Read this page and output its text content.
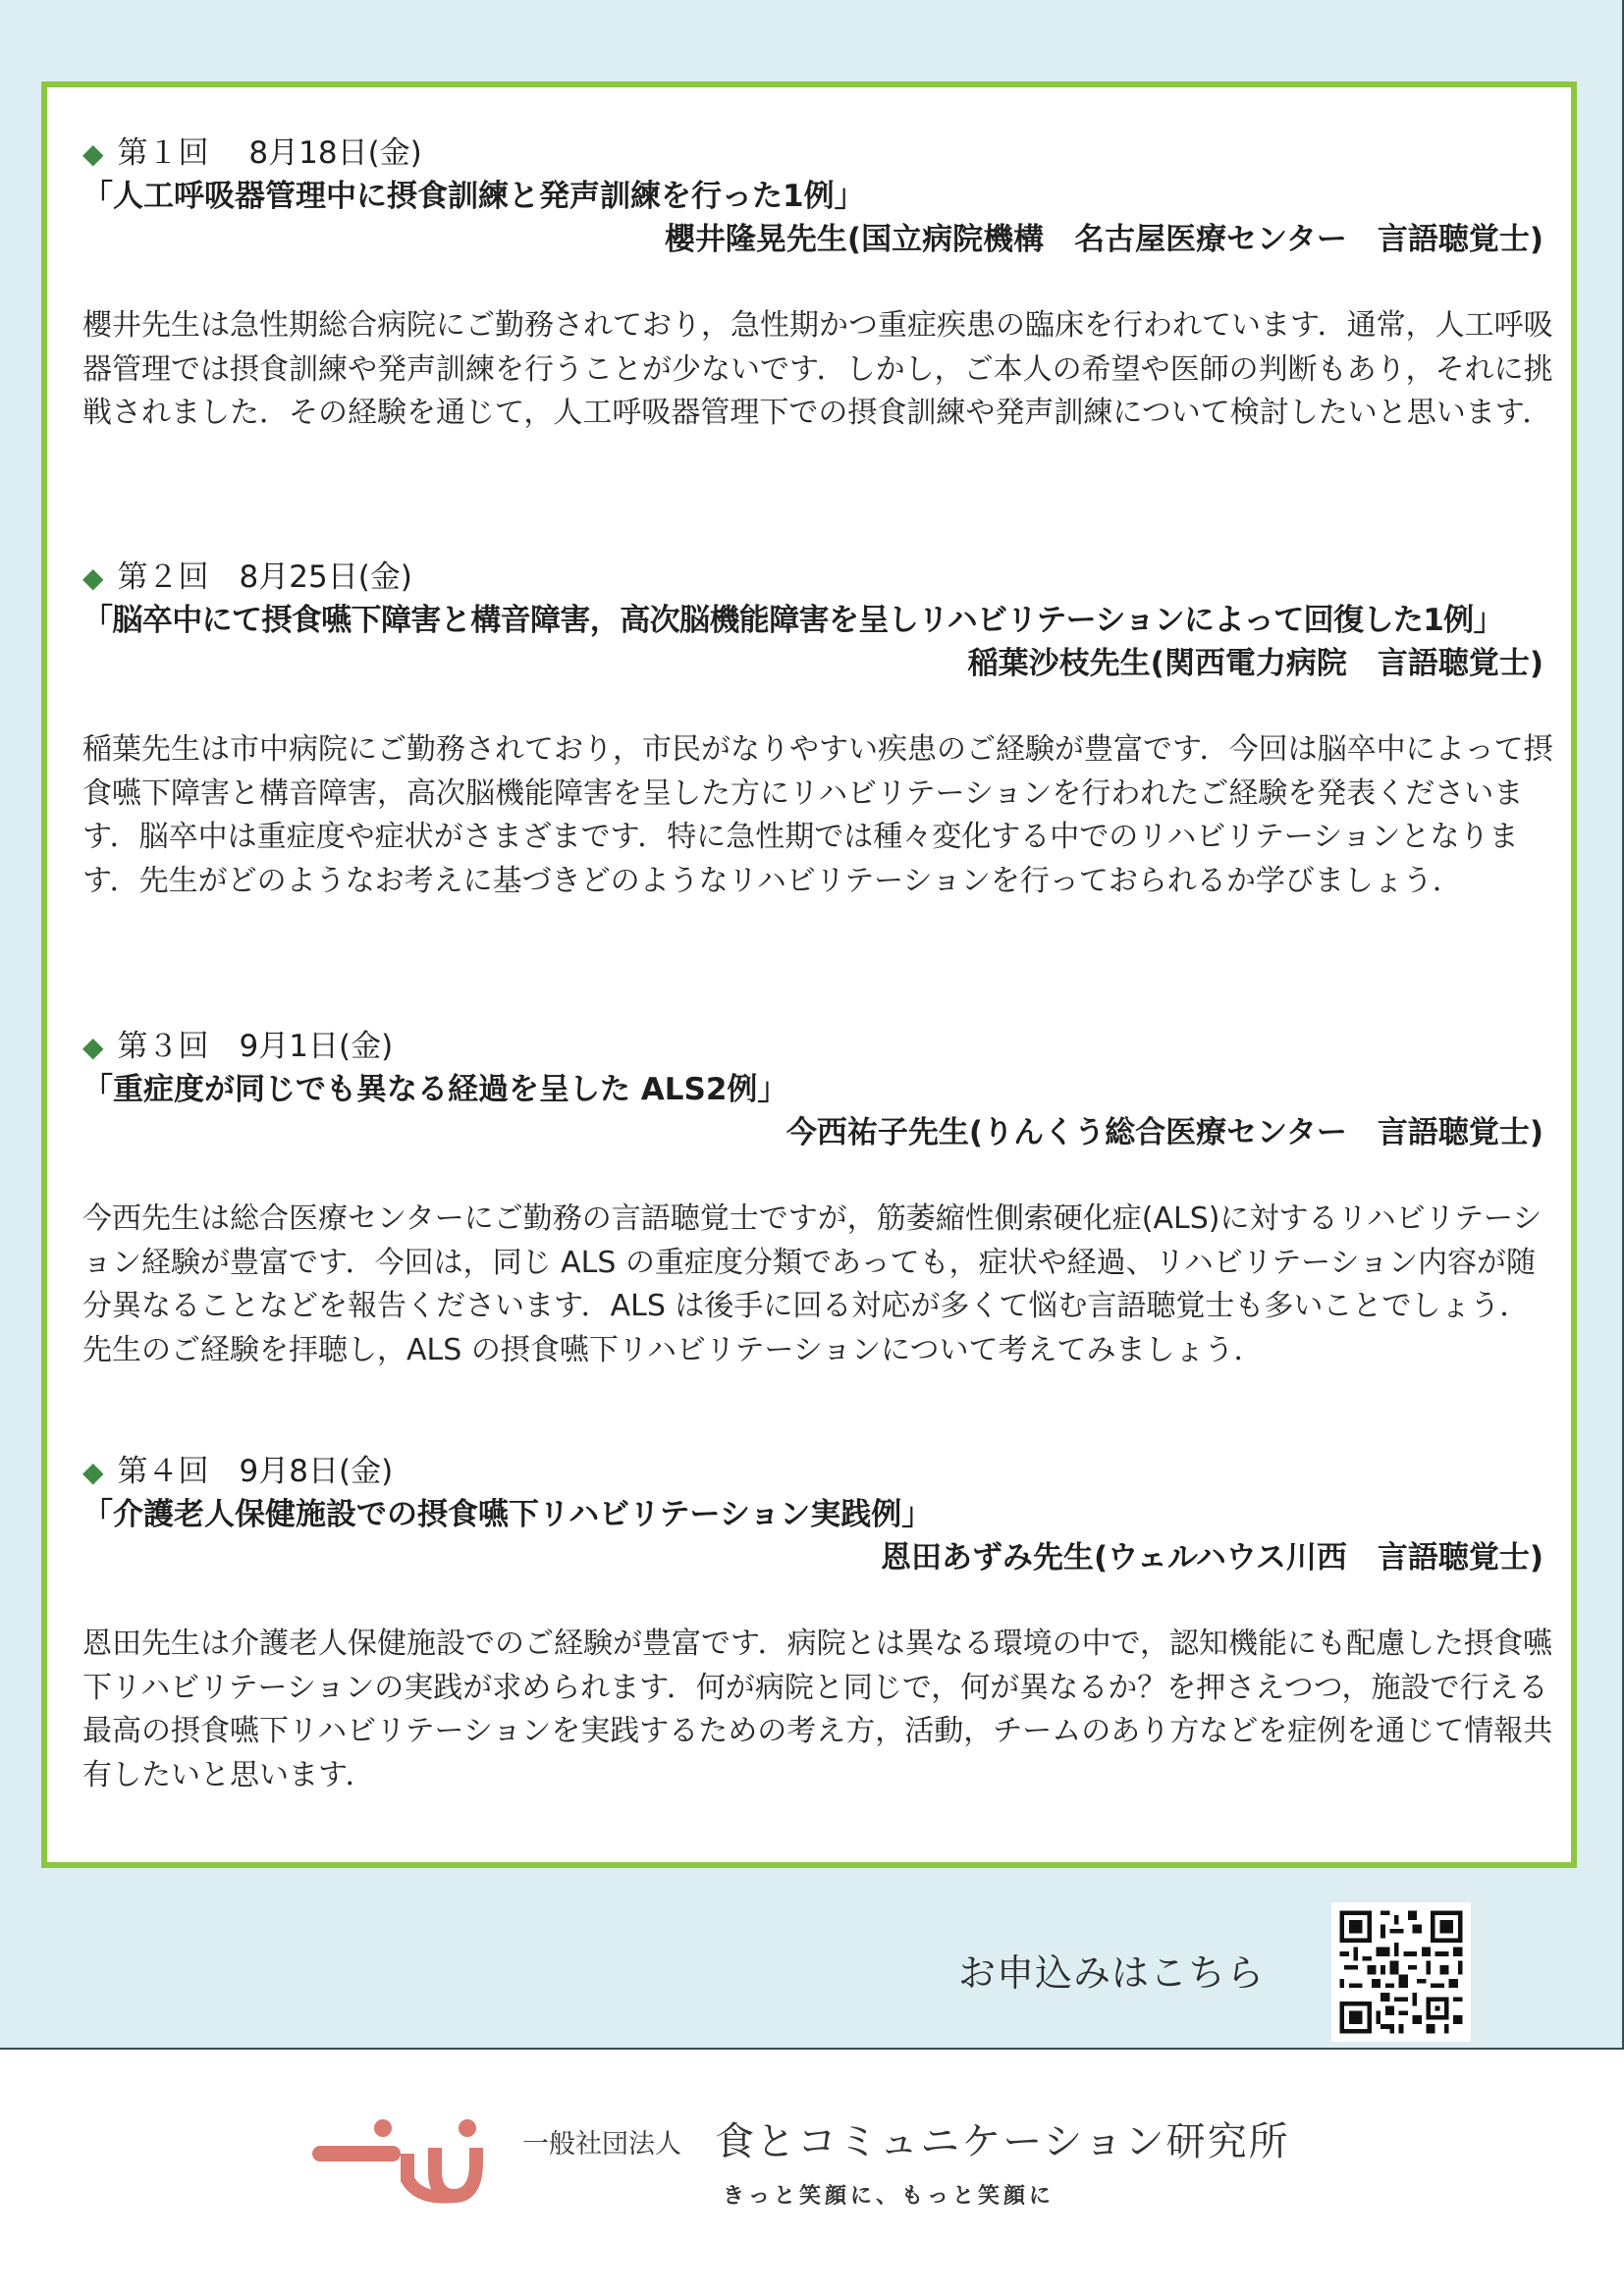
◆ 第１回　 8月18日(金)
「人工呼吸器管理中に摂食訓練と発声訓練を行った1例」
櫻井隆晃先生(国立病院機構　名古屋医療センター　言語聴覚士)
櫻井先生は急性期総合病院にご勤務されており，急性期かつ重症疾患の臨床を行われています．通常，人工呼吸器管理では摂食訓練や発声訓練を行うことが少ないです．しかし，ご本人の希望や医師の判断もあり，それに挑戦されました．その経験を通じて，人工呼吸器管理下での摂食訓練や発声訓練について検討したいと思います．
◆ 第２回　8月25日(金)
「脳卒中にて摂食嚥下障害と構音障害，高次脳機能障害を呈しリハビリテーションによって回復した1例」
稲葉沙枝先生(関西電力病院　言語聴覚士)
稲葉先生は市中病院にご勤務されており，市民がなりやすい疾患のご経験が豊富です．今回は脳卒中によって摂食嚥下障害と構音障害，高次脳機能障害を呈した方にリハビリテーションを行われたご経験を発表くださいます．脳卒中は重症度や症状がさまざまです．特に急性期では種々変化する中でのリハビリテーションとなります．先生がどのようなお考えに基づきどのようなリハビリテーションを行っておられるか学びましょう．
◆ 第３回　9月1日(金)
「重症度が同じでも異なる経過を呈した ALS2例」
今西祐子先生(りんくう総合医療センター　言語聴覚士)
今西先生は総合医療センターにご勤務の言語聴覚士ですが，筋萎縮性側索硬化症(ALS)に対するリハビリテーション経験が豊富です．今回は，同じ ALS の重症度分類であっても，症状や経過、リハビリテーション内容が随分異なることなどを報告くださいます．ALS は後手に回る対応が多くて悩む言語聴覚士も多いことでしょう．先生のご経験を拝聴し，ALS の摂食嚥下リハビリテーションについて考えてみましょう．
◆ 第４回　9月8日(金)
「介護老人保健施設での摂食嚥下リハビリテーション実践例」
恩田あずみ先生(ウェルハウス川西　言語聴覚士)
恩田先生は介護老人保健施設でのご経験が豊富です．病院とは異なる環境の中で，認知機能にも配慮した摂食嚥下リハビリテーションの実践が求められます．何が病院と同じで，何が異なるか？を押さえつつ，施設で行える最高の摂食嚥下リハビリテーションを実践するための考え方，活動，チームのあり方などを症例を通じて情報共有したいと思います．
お申込みはこちら
一般社団法人 食とコミュニケーション研究所
きっと笑顔に、もっと笑顔に
